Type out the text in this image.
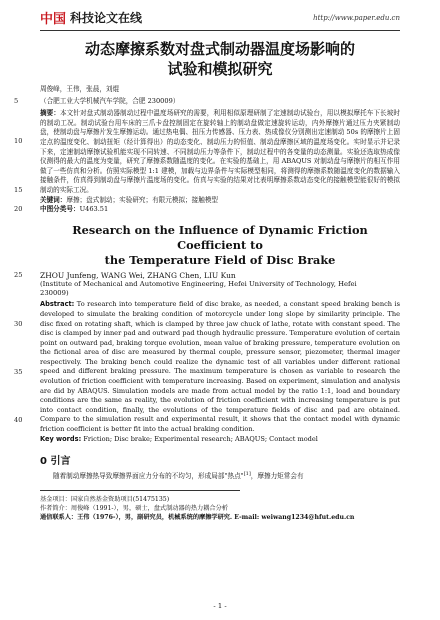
中国 科技论文在线	http://www.paper.edu.cn
动态摩擦系数对盘式制动器温度场影响的
试验和模拟研究
周俊峰，王伟，张晨，刘焜
5	（合肥工业大学机械汽车学院，合肥 230009）
10
15
摘要：本文针对盘式制动器制动过程中温度场研究的需要，利用相似原理研制了定速制动试验台，用以模拟摩托车下长坡时的制动工况。制动试验台用车床的三爪卡盘控制固定在旋转轴上的制动盘做定速旋转运动，内外摩擦片通过压力夹紧制动盘，使制动盘与摩擦片发生摩擦运动。通过热电偶、扭压力传感器、压力表、热成像仪分别测出定速制动 50s 的摩擦片上固定点的温度变化、制动扭矩（经计算得出）的动态变化、制动压力的恒值、制动盘摩擦区域的温度场变化。实时显示并记录下来，定速制动摩擦试验机能实现不同转速、不同制动压力等条件下，制动过程中的各变量的动态测量。实验还选取热成像仪测得的最大的温度为变量，研究了摩擦系数随温度的变化。在实验的基础上，用 ABAQUS 对制动盘与摩擦片的相互作用做了一些仿真和分析。仿照实际模型 1:1 建模，加载与边界条件与实际模型相同，将测得的摩擦系数随温度变化的数据输入接触条件，仿真得到制动盘与摩擦片温度场的变化。仿真与实验的结果对比表明摩擦系数动态变化的接触模型能很好的模拟制动的实际工况。
关键词：摩擦；盘式制动；实验研究；有限元模拟；接触模型
20	中图分类号：U463.51
Research on the Influence of Dynamic Friction Coefficient to
the Temperature Field of Disc Brake
25 ZHOU Junfeng, WANG Wei, ZHANG Chen, LIU Kun
(Institute of Mechanical and Automotive Engineering, Hefei University of Technology, Hefei
230009)
30
35
40
Abstract: To research into temperature field of disc brake, as needed, a constant speed braking bench is developed to simulate the braking condition of motorcycle under long slope by similarity principle. The disc fixed on rotating shaft, which is clamped by three jaw chuck of lathe, rotate with constant speed. The disc is clamped by inner pad and outward pad though hydraulic pressure. Temperature evolution of certain point on outward pad, braking torque evolution, mean value of braking pressure, temperature evolution on the fictional area of disc are measured by thermal couple, pressure sensor, piezometer, thermal imager respectively. The braking bench could realize the dynamic test of all variables under different rational speed and different braking pressure. The maximum temperature is chosen as variable to research the evolution of friction coefficient with temperature increasing. Based on experiment, simulation and analysis are did by ABAQUS. Simulation models are made from actual model by the ratio 1:1, load and boundary conditions are the same as reality, the evolution of friction coefficient with increasing temperature is put into contact condition, finally, the evolutions of the temperature fields of disc and pad are obtained. Compare to the simulation result and experimental result, it shows that the contact model with dynamic friction coefficient is better fit into the actual braking condition.
Key words: Friction; Disc brake; Experimental research; ABAQUS; Contact model
0 引言
随着制动摩擦热导致摩擦界面应力分布的不均匀，形成局部"热点"[1]，摩擦力矩常会有
基金项目：国家自然基金资助项目(51475135)
作者简介：周俊峰（1991-），男，硕士，盘式制动器的热力耦合分析
通信联系人：王伟（1976-），男，副研究员，机械系统的摩擦学研究. E-mail: weiwang1234@hfut.edu.cn
- 1 -
